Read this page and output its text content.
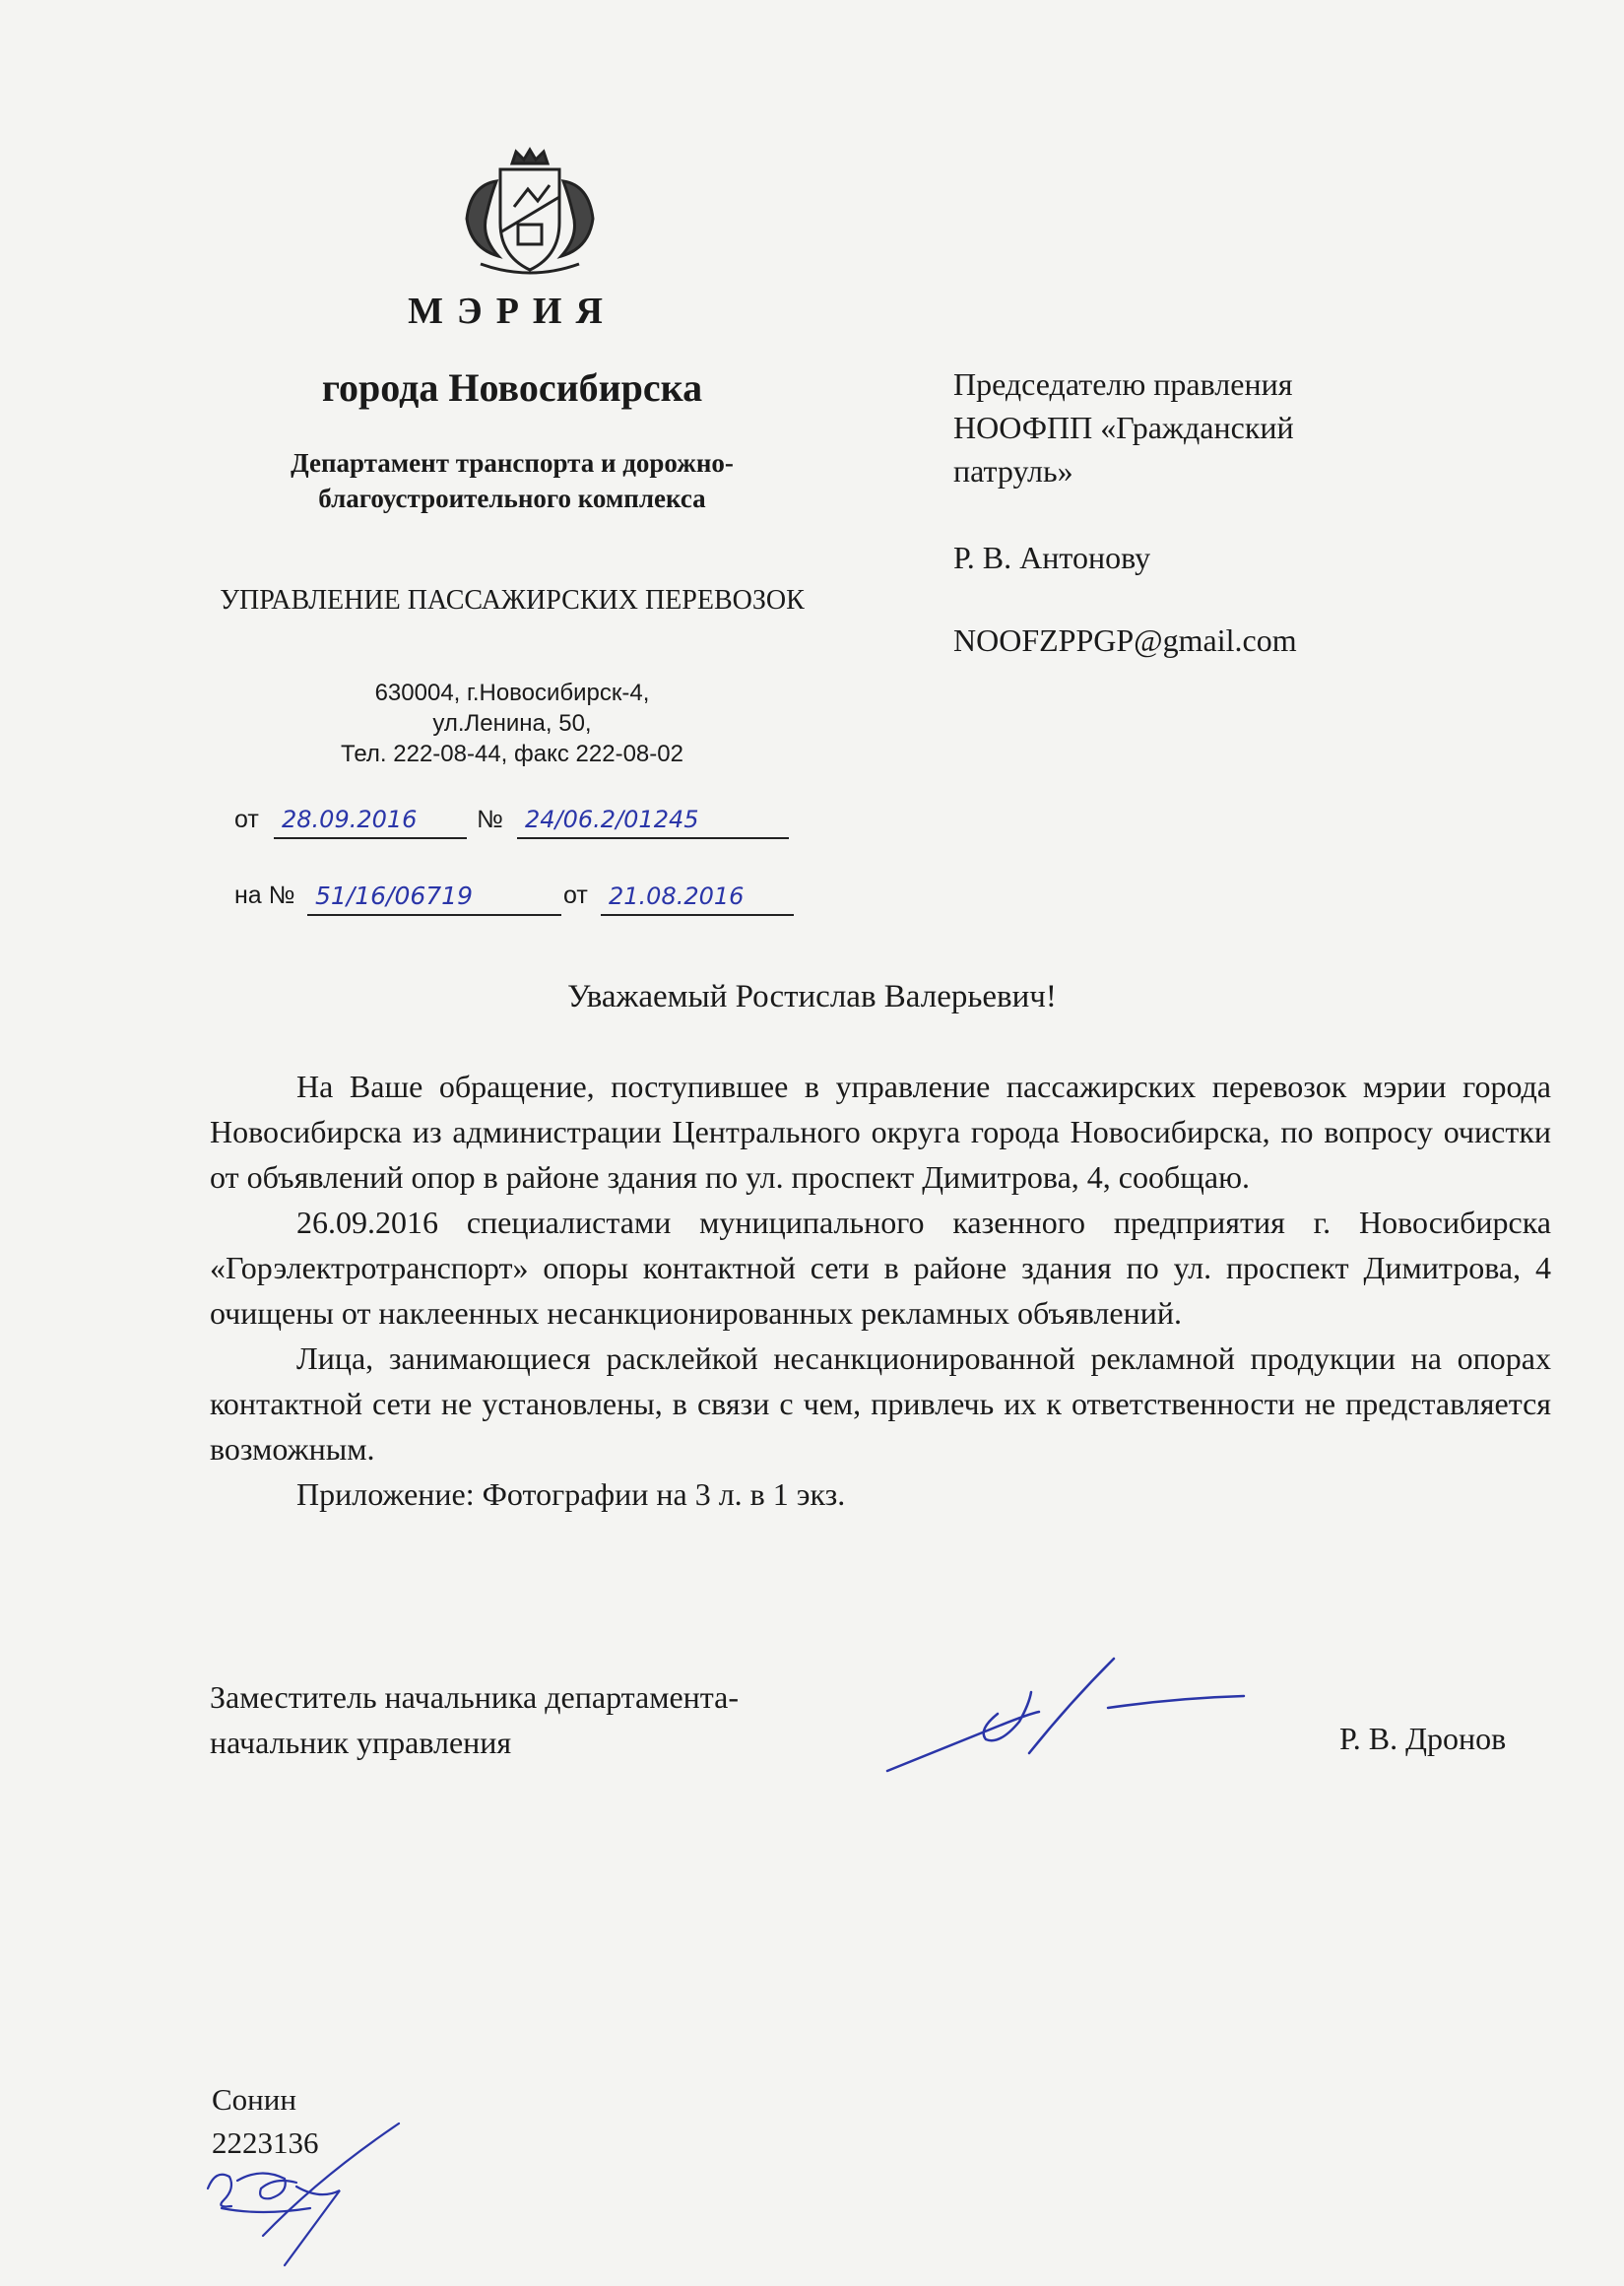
МЭРИЯ
города Новосибирска
Департамент транспорта и дорожно-благоустроительного комплекса
УПРАВЛЕНИЕ ПАССАЖИРСКИХ ПЕРЕВОЗОК
630004, г.Новосибирск-4,
ул.Ленина, 50,
Тел. 222-08-44, факс 222-08-02
от 28.09.2016 № 24/06.2/01245
на № 51/16/06719	от 21.08.2016

Председателю правления

НООФПП «Гражданский

патруль»

Р. В. Антонову

NOOFZPPGP@gmail.com

Уважаемый Ростислав Валерьевич!

На Ваше обращение, поступившее в управление пассажирских перевозок мэрии города Новосибирска из администрации Центрального округа города Новосибирска, по вопросу очистки от объявлений опор в районе здания по ул. проспект Димитрова, 4, сообщаю.

26.09.2016 специалистами муниципального казенного предприятия г. Новосибирска «Горэлектротранспорт» опоры контактной сети в районе здания по ул. проспект Димитрова, 4 очищены от наклеенных несанкционированных рекламных объявлений.

Лица, занимающиеся расклейкой несанкционированной рекламной продукции на опорах контактной сети не установлены, в связи с чем, привлечь их к ответственности не представляется возможным.

Приложение: Фотографии на 3 л. в 1 экз.

Заместитель начальника департамента-

начальник управления	Р. В. Дронов

Сонин

2223136
